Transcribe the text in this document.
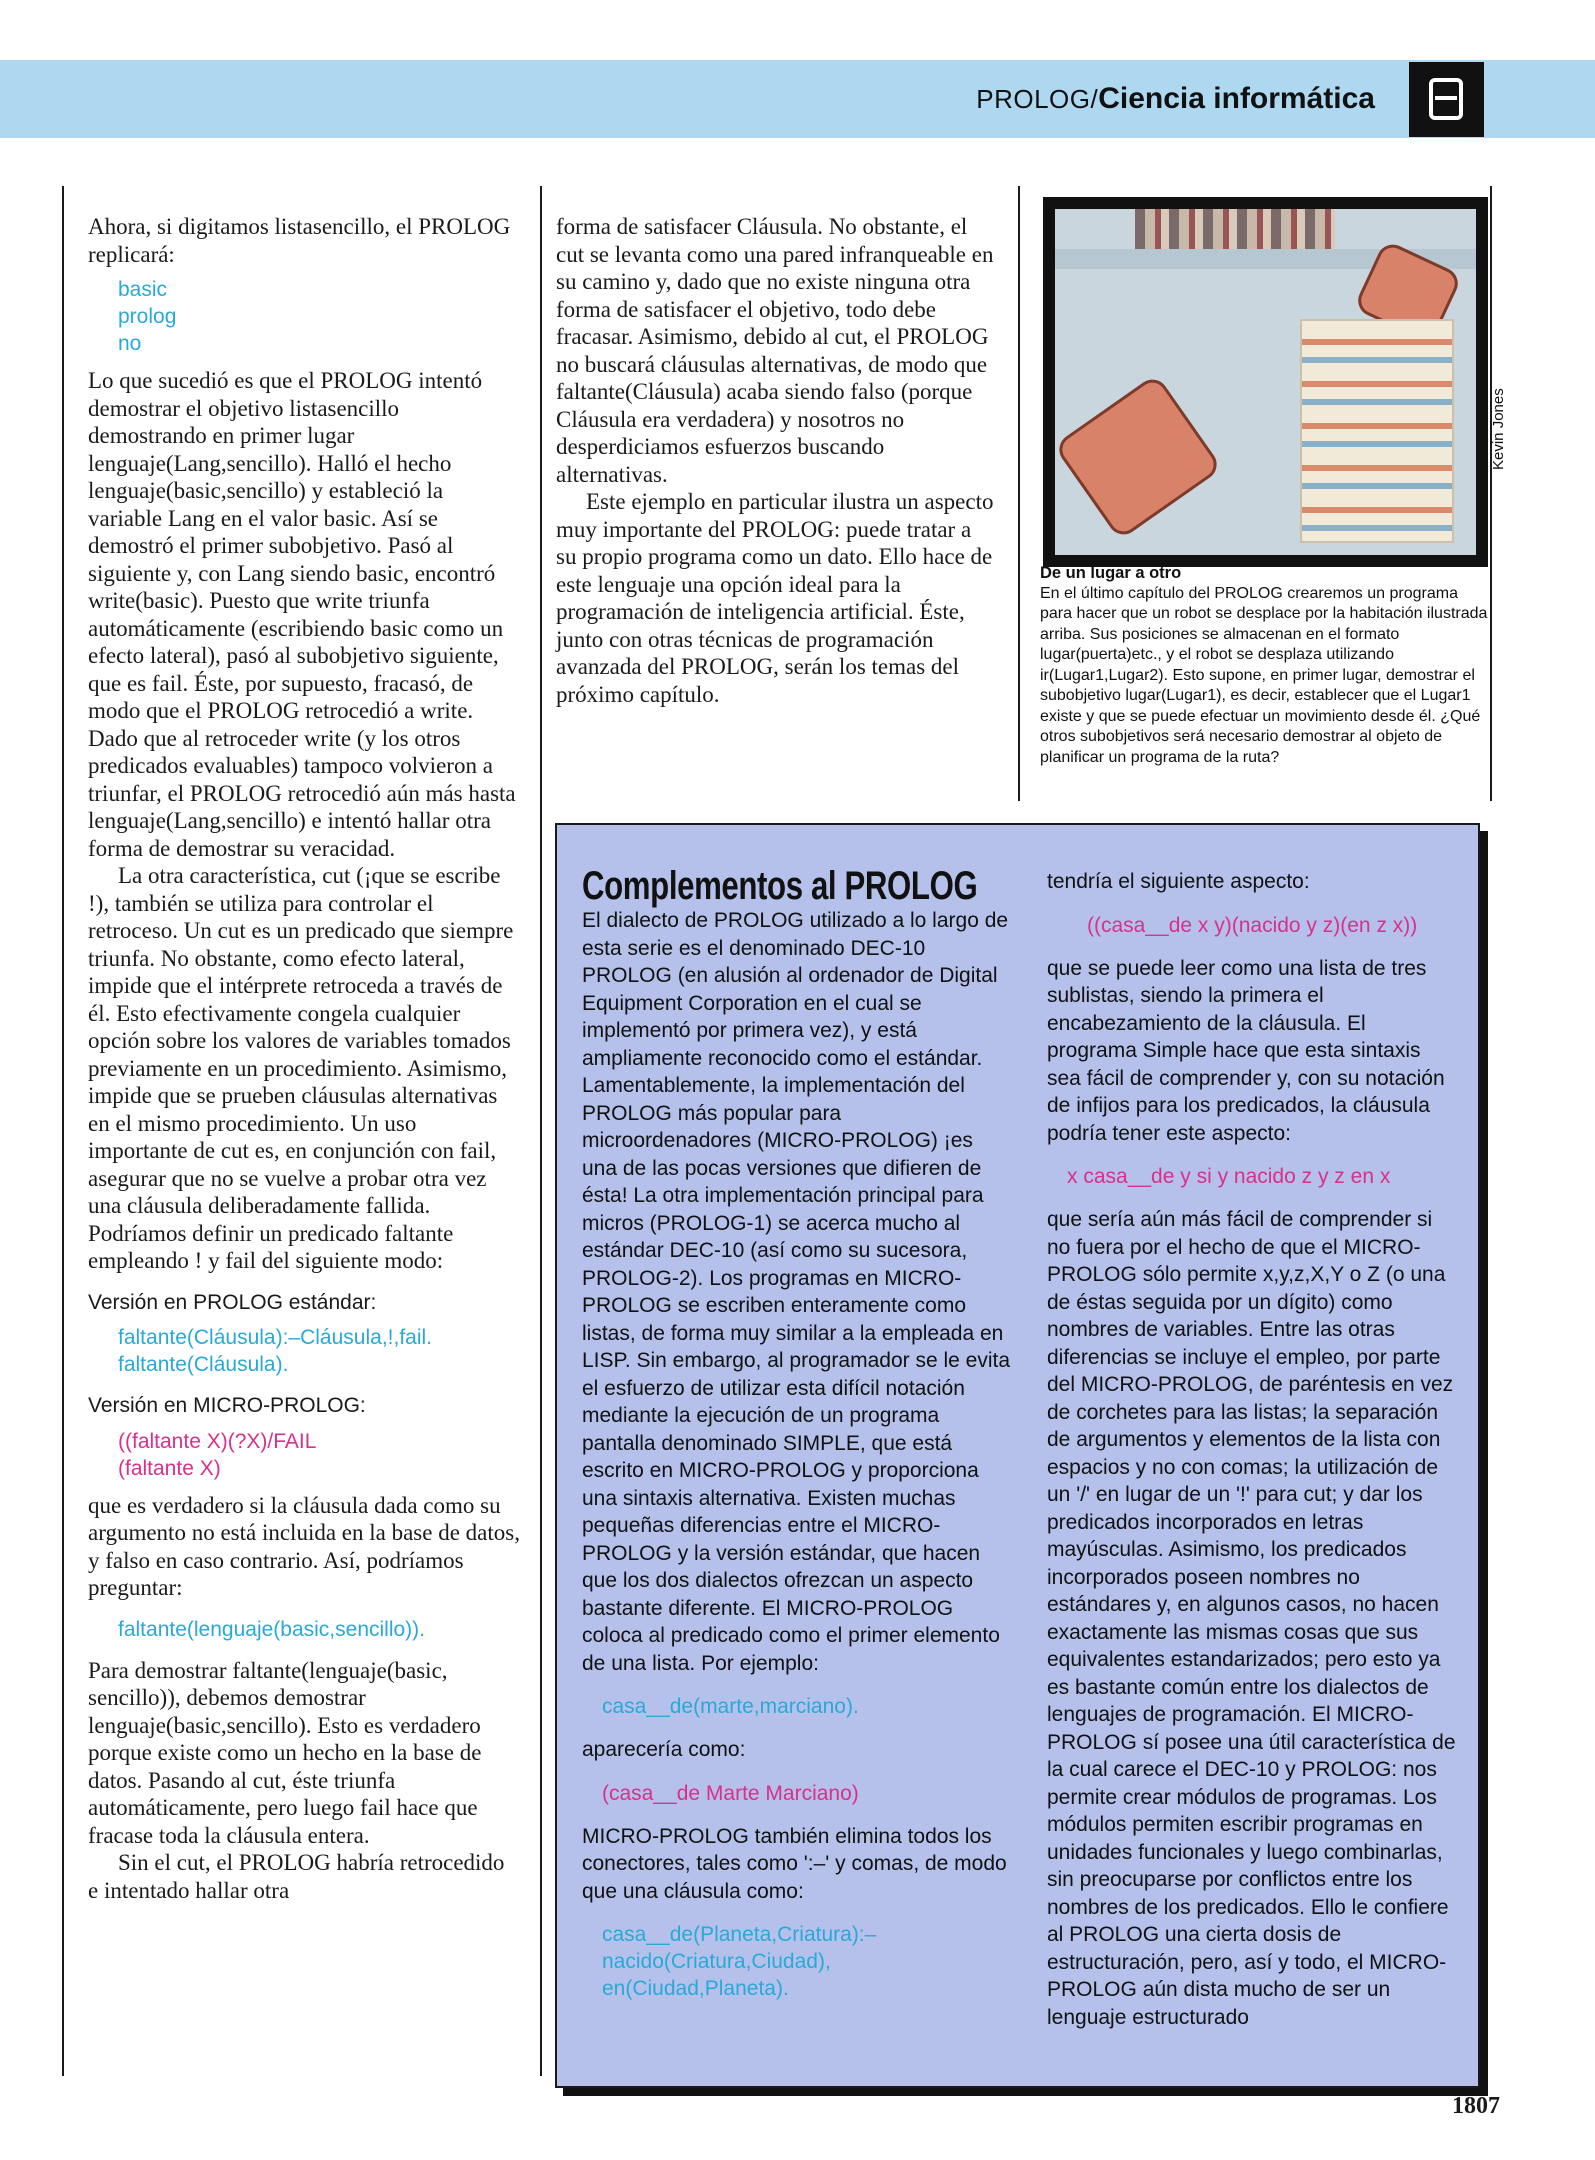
PROLOG/Ciencia informática

Ahora, si digitamos listasencillo, el PROLOG replicará:

basic
prolog
no

Lo que sucedió es que el PROLOG intentó demostrar el objetivo listasencillo demostrando en primer lugar lenguaje(Lang,sencillo). Halló el hecho lenguaje(basic,sencillo) y estableció la variable Lang en el valor basic. Así se demostró el primer subobjetivo. Pasó al siguiente y, con Lang siendo basic, encontró write(basic). Puesto que write triunfa automáticamente (escribiendo basic como un efecto lateral), pasó al subobjetivo siguiente, que es fail. Éste, por supuesto, fracasó, de modo que el PROLOG retrocedió a write. Dado que al retroceder write (y los otros predicados evaluables) tampoco volvieron a triunfar, el PROLOG retrocedió aún más hasta lenguaje(Lang,sencillo) e intentó hallar otra forma de demostrar su veracidad.

La otra característica, cut (¡que se escribe !), también se utiliza para controlar el retroceso. Un cut es un predicado que siempre triunfa. No obstante, como efecto lateral, impide que el intérprete retroceda a través de él. Esto efectivamente congela cualquier opción sobre los valores de variables tomados previamente en un procedimiento. Asimismo, impide que se prueben cláusulas alternativas en el mismo procedimiento. Un uso importante de cut es, en conjunción con fail, asegurar que no se vuelve a probar otra vez una cláusula deliberadamente fallida. Podríamos definir un predicado faltante empleando ! y fail del siguiente modo:

Versión en PROLOG estándar:
faltante(Cláusula):–Cláusula,!,fail.
faltante(Cláusula).
Versión en MICRO-PROLOG:
((faltante X)(?X)/FAIL
(faltante X)

que es verdadero si la cláusula dada como su argumento no está incluida en la base de datos, y falso en caso contrario. Así, podríamos preguntar:

faltante(lenguaje(basic,sencillo)).

Para demostrar faltante(lenguaje(basic, sencillo)), debemos demostrar lenguaje(basic,sencillo). Esto es verdadero porque existe como un hecho en la base de datos. Pasando al cut, éste triunfa automáticamente, pero luego fail hace que fracase toda la cláusula entera.

Sin el cut, el PROLOG habría retrocedido e intentado hallar otra

forma de satisfacer Cláusula. No obstante, el cut se levanta como una pared infranqueable en su camino y, dado que no existe ninguna otra forma de satisfacer el objetivo, todo debe fracasar. Asimismo, debido al cut, el PROLOG no buscará cláusulas alternativas, de modo que faltante(Cláusula) acaba siendo falso (porque Cláusula era verdadera) y nosotros no desperdiciamos esfuerzos buscando alternativas.

Este ejemplo en particular ilustra un aspecto muy importante del PROLOG: puede tratar a su propio programa como un dato. Ello hace de este lenguaje una opción ideal para la programación de inteligencia artificial. Éste, junto con otras técnicas de programación avanzada del PROLOG, serán los temas del próximo capítulo.

Kevin Jones
De un lugar a otro
En el último capítulo del PROLOG crearemos un programa para hacer que un robot se desplace por la habitación ilustrada arriba. Sus posiciones se almacenan en el formato lugar(puerta)etc., y el robot se desplaza utilizando ir(Lugar1,Lugar2). Esto supone, en primer lugar, demostrar el subobjetivo lugar(Lugar1), es decir, establecer que el Lugar1 existe y que se puede efectuar un movimiento desde él. ¿Qué otros subobjetivos será necesario demostrar al objeto de planificar un programa de la ruta?
Complementos al PROLOG

El dialecto de PROLOG utilizado a lo largo de esta serie es el denominado DEC-10 PROLOG (en alusión al ordenador de Digital Equipment Corporation en el cual se implementó por primera vez), y está ampliamente reconocido como el estándar. Lamentablemente, la implementación del PROLOG más popular para microordenadores (MICRO-PROLOG) ¡es una de las pocas versiones que difieren de ésta! La otra implementación principal para micros (PROLOG-1) se acerca mucho al estándar DEC-10 (así como su sucesora, PROLOG-2). Los programas en MICRO-PROLOG se escriben enteramente como listas, de forma muy similar a la empleada en LISP. Sin embargo, al programador se le evita el esfuerzo de utilizar esta difícil notación mediante la ejecución de un programa pantalla denominado SIMPLE, que está escrito en MICRO-PROLOG y proporciona una sintaxis alternativa. Existen muchas pequeñas diferencias entre el MICRO-PROLOG y la versión estándar, que hacen que los dos dialectos ofrezcan un aspecto bastante diferente. El MICRO-PROLOG coloca al predicado como el primer elemento de una lista. Por ejemplo:

casa__de(marte,marciano).

aparecería como:

(casa__de Marte Marciano)

MICRO-PROLOG también elimina todos los conectores, tales como ':–' y comas, de modo que una cláusula como:

casa__de(Planeta,Criatura):–
nacido(Criatura,Ciudad),
en(Ciudad,Planeta).

tendría el siguiente aspecto:

((casa__de x y)(nacido y z)(en z x))

que se puede leer como una lista de tres sublistas, siendo la primera el encabezamiento de la cláusula. El programa Simple hace que esta sintaxis sea fácil de comprender y, con su notación de infijos para los predicados, la cláusula podría tener este aspecto:

x casa__de y si y nacido z y z en x

que sería aún más fácil de comprender si no fuera por el hecho de que el MICRO-PROLOG sólo permite x,y,z,X,Y o Z (o una de éstas seguida por un dígito) como nombres de variables. Entre las otras diferencias se incluye el empleo, por parte del MICRO-PROLOG, de paréntesis en vez de corchetes para las listas; la separación de argumentos y elementos de la lista con espacios y no con comas; la utilización de un '/' en lugar de un '!' para cut; y dar los predicados incorporados en letras mayúsculas. Asimismo, los predicados incorporados poseen nombres no estándares y, en algunos casos, no hacen exactamente las mismas cosas que sus equivalentes estandarizados; pero esto ya es bastante común entre los dialectos de lenguajes de programación. El MICRO-PROLOG sí posee una útil característica de la cual carece el DEC-10 y PROLOG: nos permite crear módulos de programas. Los módulos permiten escribir programas en unidades funcionales y luego combinarlas, sin preocuparse por conflictos entre los nombres de los predicados. Ello le confiere al PROLOG una cierta dosis de estructuración, pero, así y todo, el MICRO-PROLOG aún dista mucho de ser un lenguaje estructurado

1807
